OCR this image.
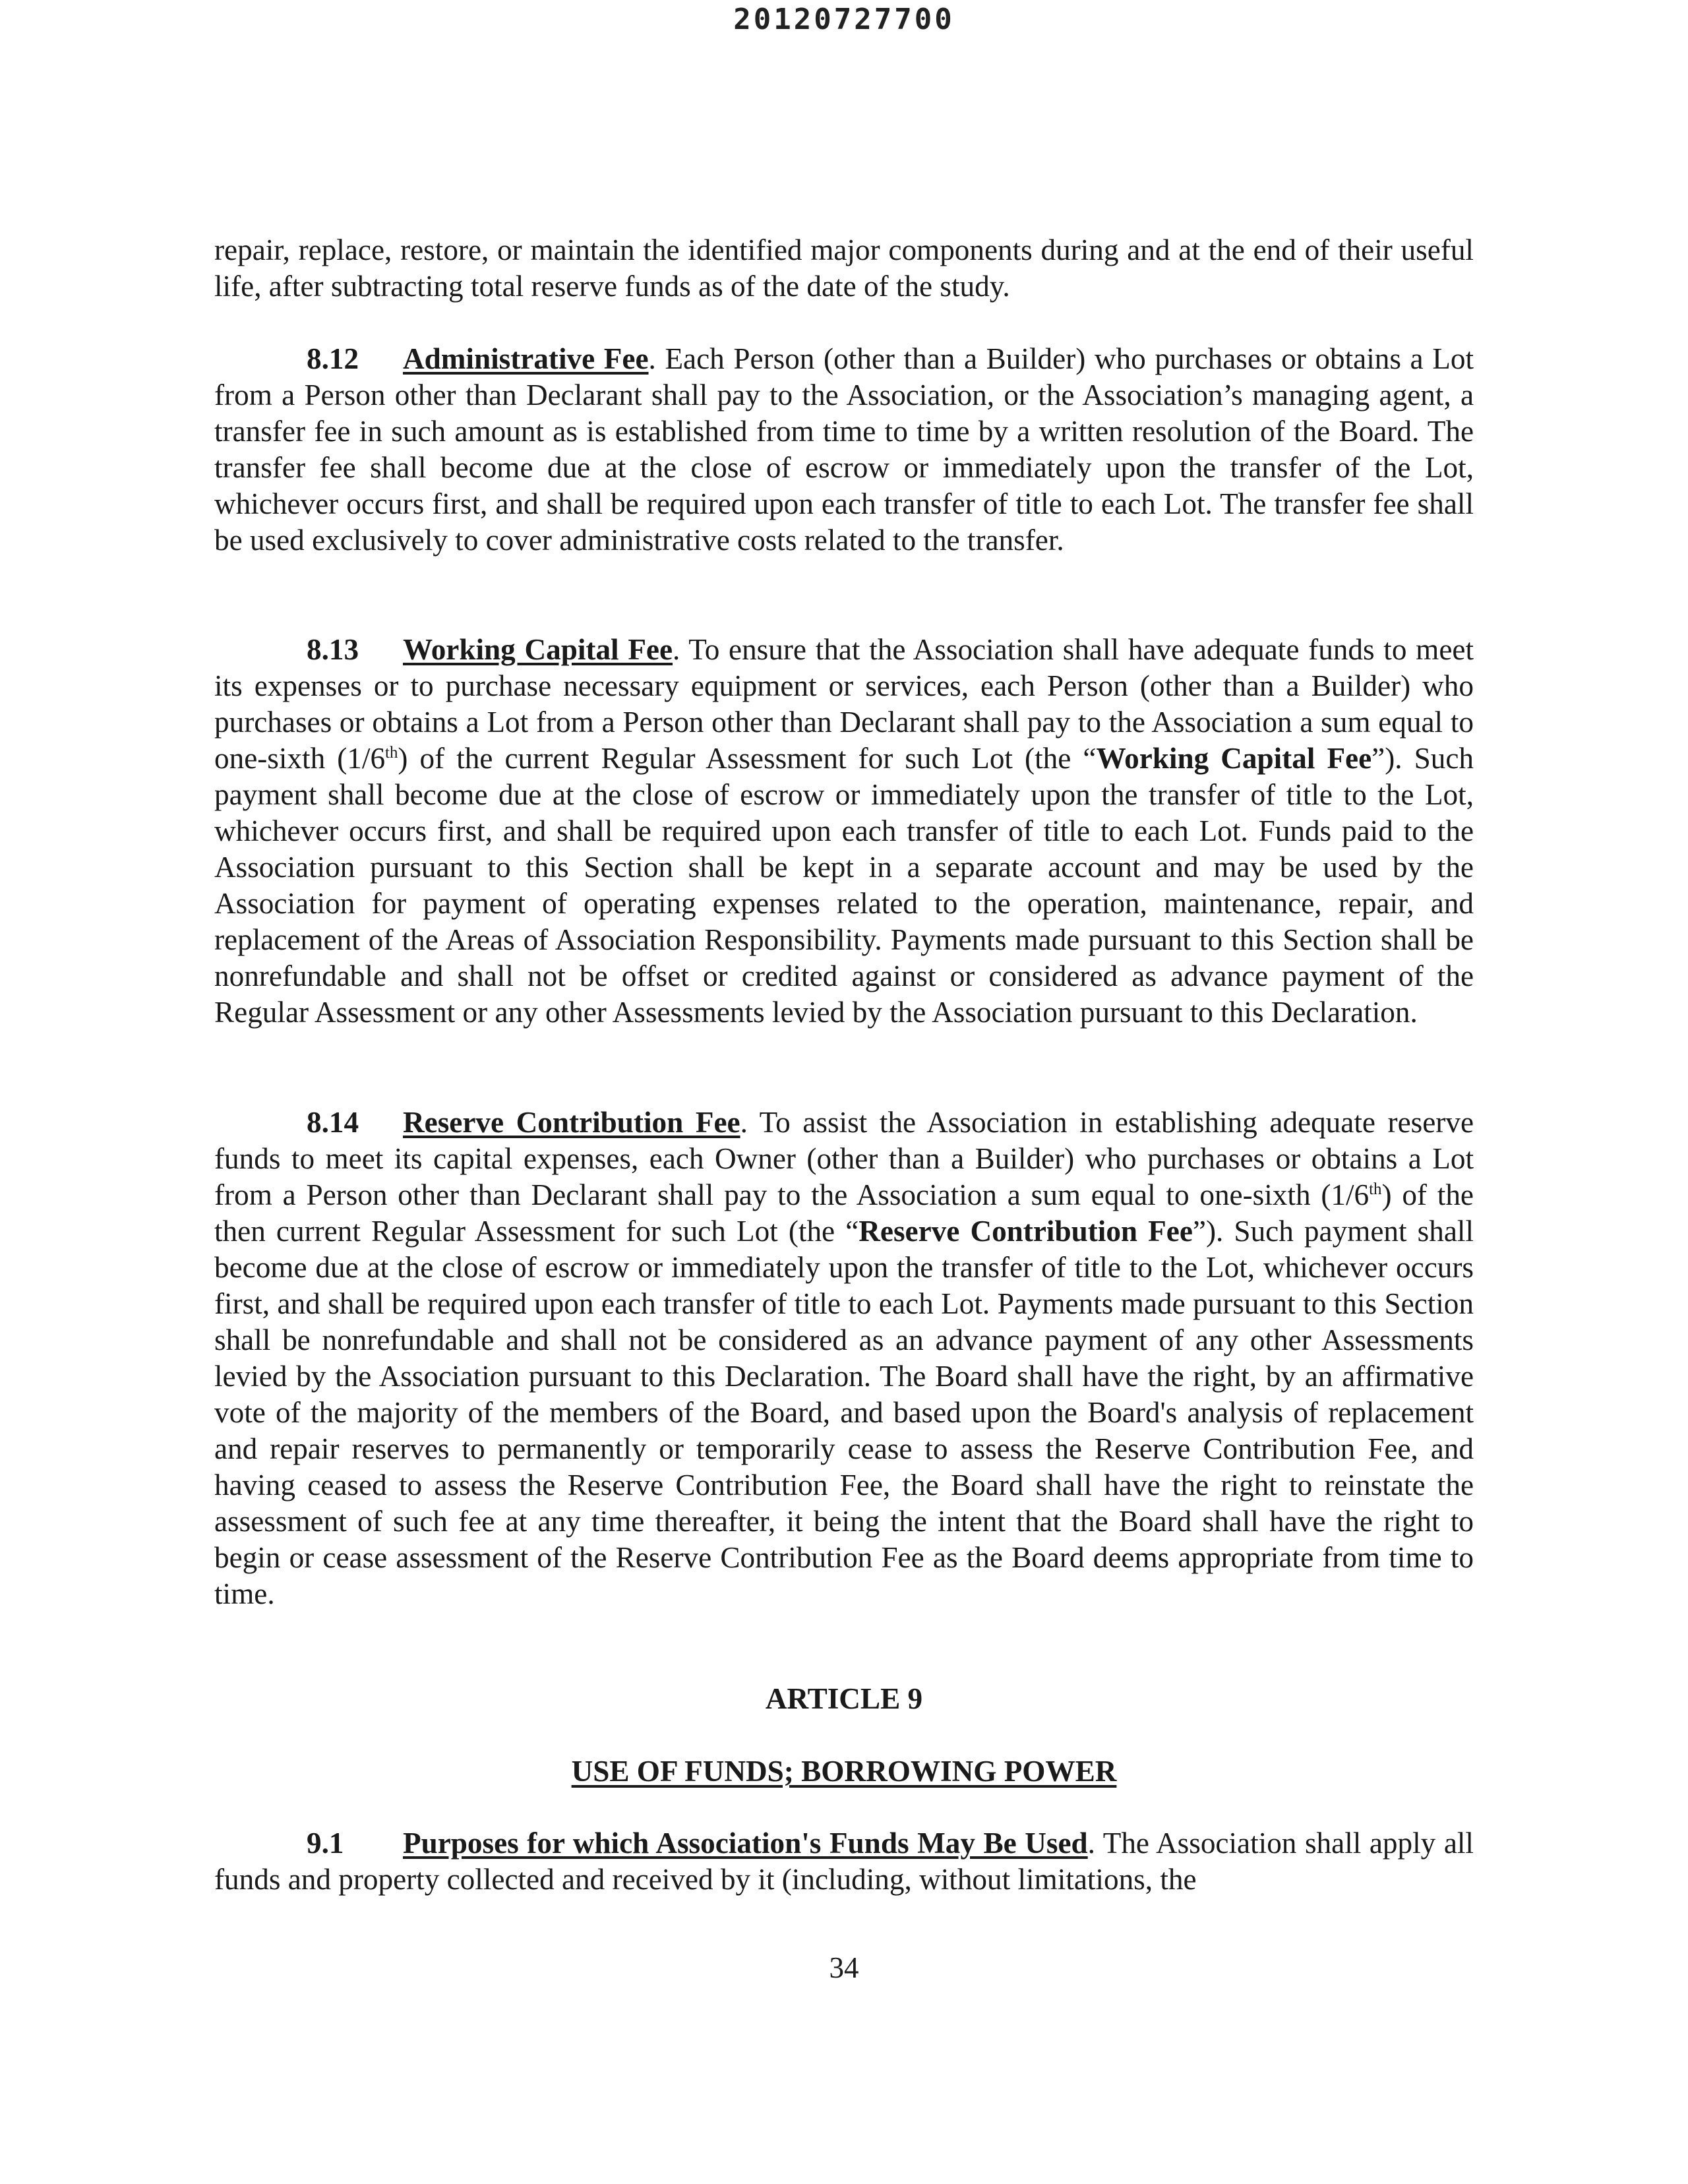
20120727700

repair, replace, restore, or maintain the identified major components during and at the end of their useful life, after subtracting total reserve funds as of the date of the study.

8.12 Administrative Fee. Each Person (other than a Builder) who purchases or obtains a Lot from a Person other than Declarant shall pay to the Association, or the Association’s managing agent, a transfer fee in such amount as is established from time to time by a written resolution of the Board. The transfer fee shall become due at the close of escrow or immediately upon the transfer of the Lot, whichever occurs first, and shall be required upon each transfer of title to each Lot. The transfer fee shall be used exclusively to cover administrative costs related to the transfer.

8.13 Working Capital Fee. To ensure that the Association shall have adequate funds to meet its expenses or to purchase necessary equipment or services, each Person (other than a Builder) who purchases or obtains a Lot from a Person other than Declarant shall pay to the Association a sum equal to one-sixth (1/6th) of the current Regular Assessment for such Lot (the “Working Capital Fee”). Such payment shall become due at the close of escrow or immediately upon the transfer of title to the Lot, whichever occurs first, and shall be required upon each transfer of title to each Lot. Funds paid to the Association pursuant to this Section shall be kept in a separate account and may be used by the Association for payment of operating expenses related to the operation, maintenance, repair, and replacement of the Areas of Association Responsibility. Payments made pursuant to this Section shall be nonrefundable and shall not be offset or credited against or considered as advance payment of the Regular Assessment or any other Assessments levied by the Association pursuant to this Declaration.

8.14 Reserve Contribution Fee. To assist the Association in establishing adequate reserve funds to meet its capital expenses, each Owner (other than a Builder) who purchases or obtains a Lot from a Person other than Declarant shall pay to the Association a sum equal to one-sixth (1/6th) of the then current Regular Assessment for such Lot (the “Reserve Contribution Fee”). Such payment shall become due at the close of escrow or immediately upon the transfer of title to the Lot, whichever occurs first, and shall be required upon each transfer of title to each Lot. Payments made pursuant to this Section shall be nonrefundable and shall not be considered as an advance payment of any other Assessments levied by the Association pursuant to this Declaration. The Board shall have the right, by an affirmative vote of the majority of the members of the Board, and based upon the Board's analysis of replacement and repair reserves to permanently or temporarily cease to assess the Reserve Contribution Fee, and having ceased to assess the Reserve Contribution Fee, the Board shall have the right to reinstate the assessment of such fee at any time thereafter, it being the intent that the Board shall have the right to begin or cease assessment of the Reserve Contribution Fee as the Board deems appropriate from time to time.

ARTICLE 9
USE OF FUNDS; BORROWING POWER

9.1 Purposes for which Association's Funds May Be Used. The Association shall apply all funds and property collected and received by it (including, without limitations, the

34
